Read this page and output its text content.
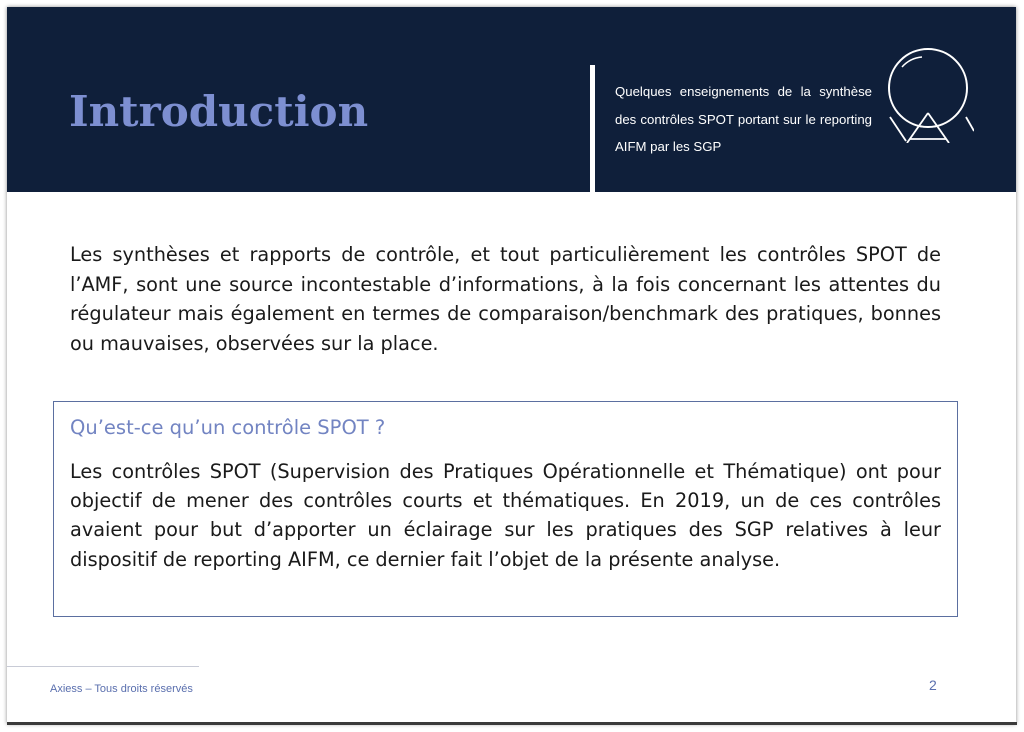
Introduction	Quelques enseignements de la synthèse des contrôles SPOT portant sur le reporting AIFM par les SGP

Les synthèses et rapports de contrôle, et tout particulièrement les contrôles SPOT de l’AMF, sont une source incontestable d’informations, à la fois concernant les attentes du régulateur mais également en termes de comparaison/benchmark des pratiques, bonnes ou mauvaises, observées sur la place.

Qu’est-ce qu’un contrôle SPOT ?

Les contrôles SPOT (Supervision des Pratiques Opérationnelle et Thématique) ont pour objectif de mener des contrôles courts et thématiques. En 2019, un de ces contrôles avaient pour but d’apporter un éclairage sur les pratiques des SGP relatives à leur dispositif de reporting AIFM, ce dernier fait l’objet de la présente analyse.

Axiess – Tous droits réservés	2
